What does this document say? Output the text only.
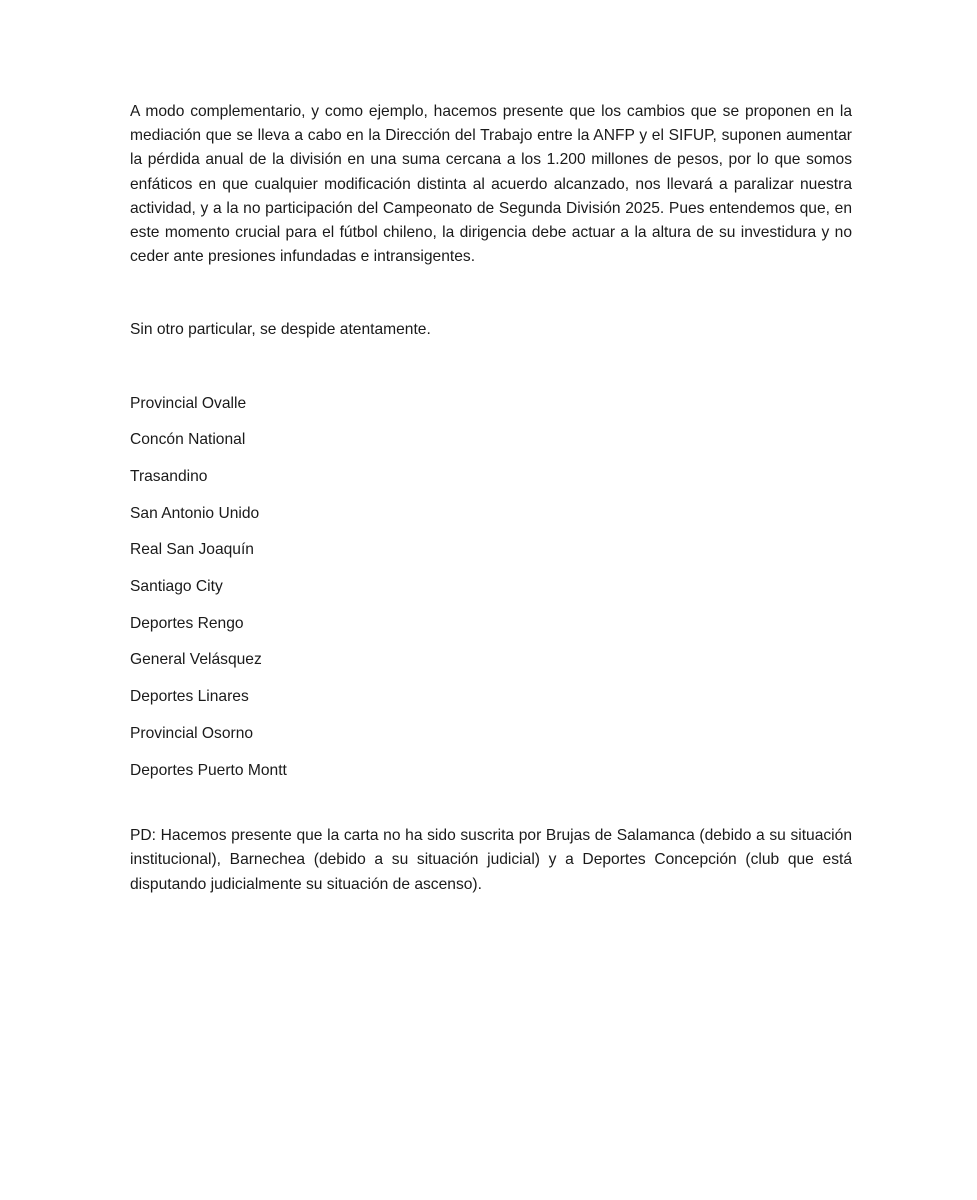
A modo complementario, y como ejemplo, hacemos presente que los cambios que se proponen en la mediación que se lleva a cabo en la Dirección del Trabajo entre la ANFP y el SIFUP, suponen aumentar la pérdida anual de la división en una suma cercana a los 1.200 millones de pesos, por lo que somos enfáticos en que cualquier modificación distinta al acuerdo alcanzado, nos llevará a paralizar nuestra actividad, y a la no participación del Campeonato de Segunda División 2025. Pues entendemos que, en este momento crucial para el fútbol chileno, la dirigencia debe actuar a la altura de su investidura y no ceder ante presiones infundadas e intransigentes.

Sin otro particular, se despide atentamente.

Provincial Ovalle
Concón National
Trasandino
San Antonio Unido
Real San Joaquín
Santiago City
Deportes Rengo
General Velásquez
Deportes Linares
Provincial Osorno
Deportes Puerto Montt

PD: Hacemos presente que la carta no ha sido suscrita por Brujas de Salamanca (debido a su situación institucional), Barnechea (debido a su situación judicial) y a Deportes Concepción (club que está disputando judicialmente su situación de ascenso).
